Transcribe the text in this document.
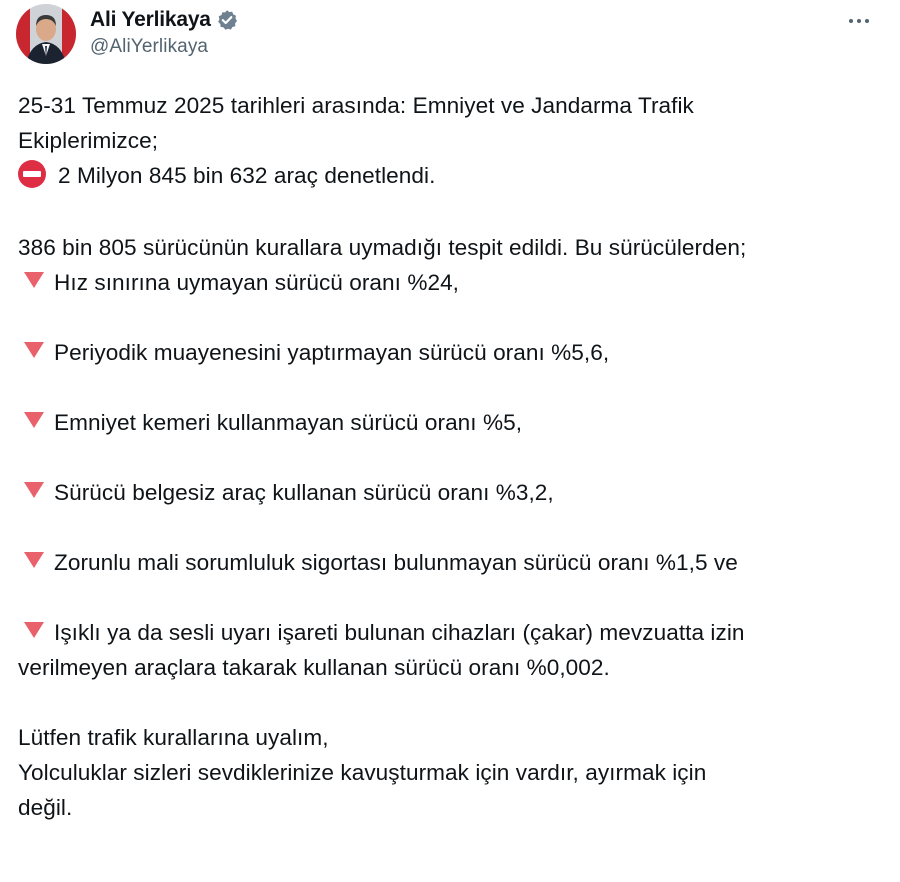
Ali Yerlikaya
@AliYerlikaya
25-31 Temmuz 2025 tarihleri arasında: Emniyet ve Jandarma Trafik
Ekiplerimizce;
2 Milyon 845 bin 632 araç denetlendi.
386 bin 805 sürücünün kurallara uymadığı tespit edildi. Bu sürücülerden;
Hız sınırına uymayan sürücü oranı %24,
Periyodik muayenesini yaptırmayan sürücü oranı %5,6,
Emniyet kemeri kullanmayan sürücü oranı %5,
Sürücü belgesiz araç kullanan sürücü oranı %3,2,
Zorunlu mali sorumluluk sigortası bulunmayan sürücü oranı %1,5 ve
Işıklı ya da sesli uyarı işareti bulunan cihazları (çakar) mevzuatta izin
verilmeyen araçlara takarak kullanan sürücü oranı %0,002.
Lütfen trafik kurallarına uyalım,
Yolculuklar sizleri sevdiklerinize kavuşturmak için vardır, ayırmak için
değil.
